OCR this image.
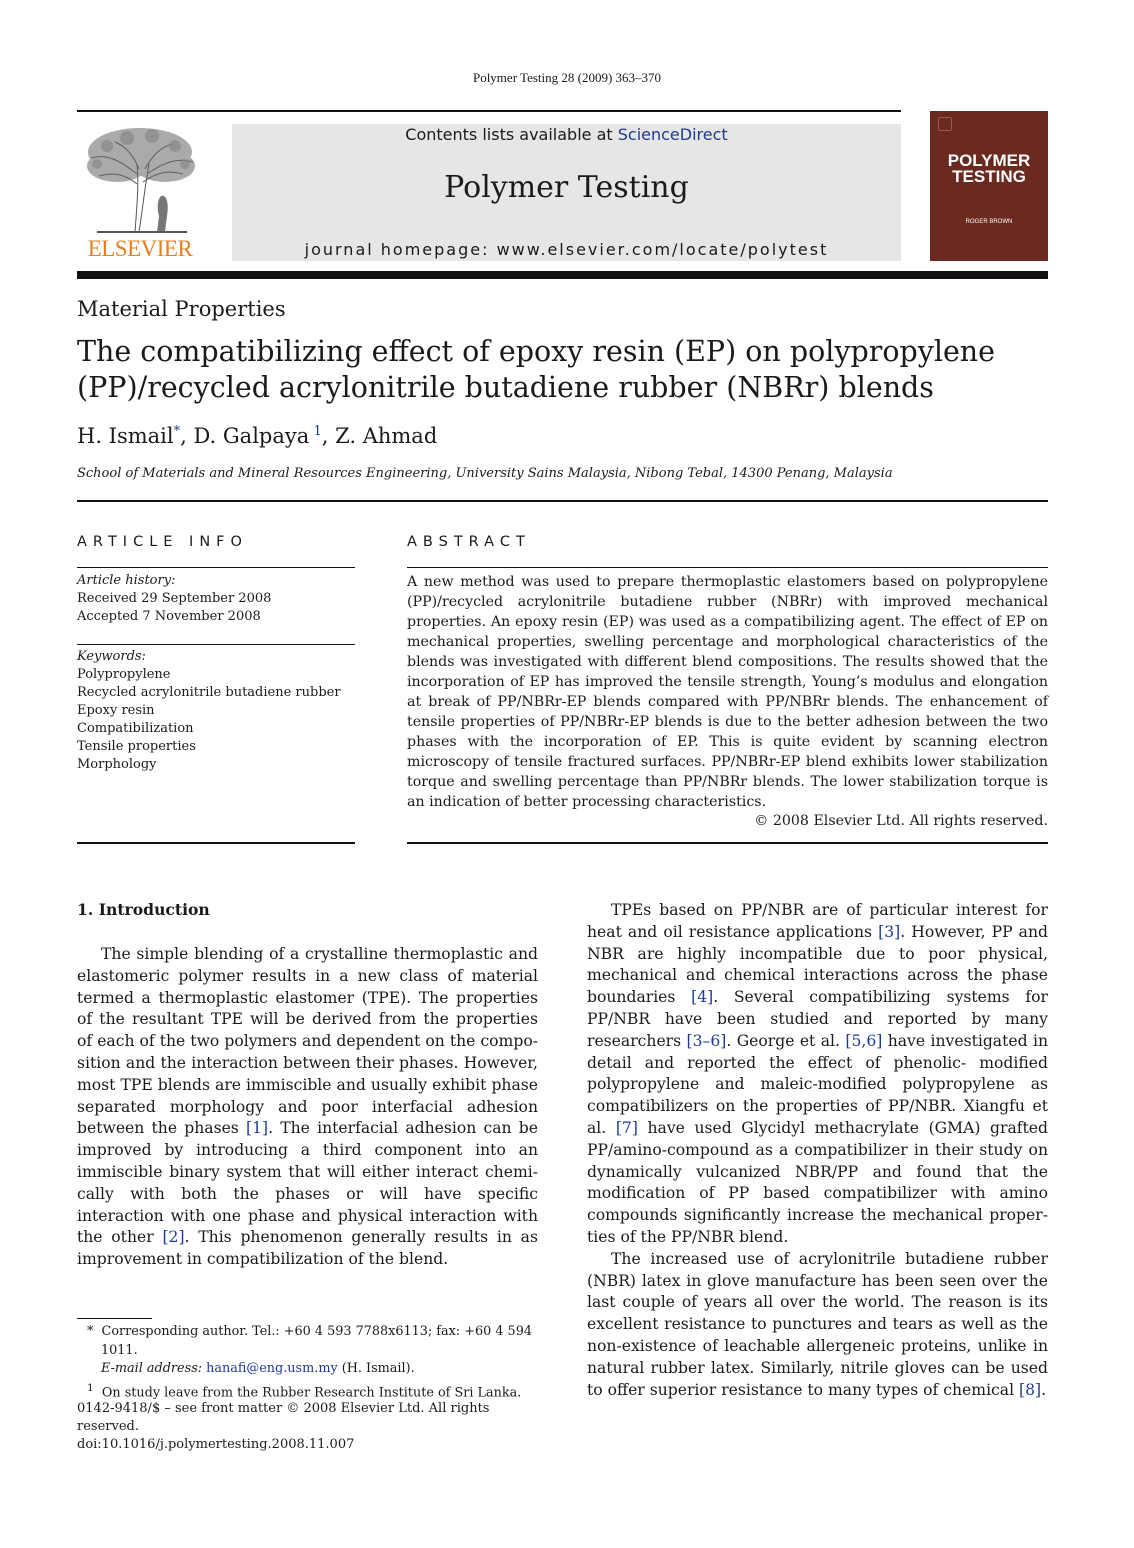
Polymer Testing 28 (2009) 363–370
ELSEVIER
Contents lists available at ScienceDirect
Polymer Testing
journal homepage: www.elsevier.com/locate/polytest
POLYMER TESTING
ROGER BROWN
Material Properties
The compatibilizing effect of epoxy resin (EP) on polypropylene (PP)/recycled acrylonitrile butadiene rubber (NBRr) blends
H. Ismail*, D. Galpaya  $^1$, Z. Ahmad
School of Materials and Mineral Resources Engineering, University Sains Malaysia, Nibong Tebal, 14300 Penang, Malaysia
ARTICLE INFO	ABSTRACT
Article history:
Received 29 September 2008
Accepted 7 November 2008
Keywords:
Polypropylene
Recycled acrylonitrile butadiene rubber
Epoxy resin
Compatibilization
Tensile properties
Morphology
A new method was used to prepare thermoplastic elastomers based on polypropylene (PP)/recycled acrylonitrile butadiene rubber (NBRr) with improved mechanical properties. An epoxy resin (EP) was used as a compatibilizing agent. The effect of EP on mechanical properties, swelling percentage and morphological characteristics of the blends was investigated with different blend compositions. The results showed that the incorporation of EP has improved the tensile strength, Young’s modulus and elongation at break of PP/NBRr-EP blends compared with PP/NBRr blends. The enhancement of tensile properties of PP/NBRr-EP blends is due to the better adhesion between the two phases with the incorporation of EP. This is quite evident by scanning electron microscopy of tensile fractured surfaces. PP/NBRr-EP blend exhibits lower stabilization torque and swelling percentage than PP/NBRr blends. The lower stabilization torque is an indication of better processing characteristics.
© 2008 Elsevier Ltd. All rights reserved.
1. Introduction

The simple blending of a crystalline thermoplastic and elastomeric polymer results in a new class of material termed a thermoplastic elastomer (TPE). The properties of the resultant TPE will be derived from the properties of each of the two polymers and dependent on the compo-sition and the interaction between their phases. However, most TPE blends are immiscible and usually exhibit phase separated morphology and poor interfacial adhesion between the phases [1]. The interfacial adhesion can be improved by introducing a third component into an immiscible binary system that will either interact chemi-cally with both the phases or will have specific interaction with one phase and physical interaction with the other [2]. This phenomenon generally results in as improvement in compatibilization of the blend.

TPEs based on PP/NBR are of particular interest for heat and oil resistance applications [3]. However, PP and NBR are highly incompatible due to poor physical, mechanical and chemical interactions across the phase boundaries [4]. Several compatibilizing systems for PP/NBR have been studied and reported by many researchers [3–6]. George et al. [5,6] have investigated in detail and reported the effect of phenolic- modified polypropylene and maleic-modified polypropylene as compatibilizers on the properties of PP/NBR. Xiangfu et al. [7] have used Glycidyl methacrylate (GMA) grafted PP/amino-compound as a compatibilizer in their study on dynamically vulcanized NBR/PP and found that the modification of PP based compatibilizer with amino compounds significantly increase the mechanical proper-ties of the PP/NBR blend.

The increased use of acrylonitrile butadiene rubber (NBR) latex in glove manufacture has been seen over the last couple of years all over the world. The reason is its excellent resistance to punctures and tears as well as the non-existence of leachable allergeneic proteins, unlike in natural rubber latex. Similarly, nitrile gloves can be used to offer superior resistance to many types of chemical [8].

* Corresponding author. Tel.: +60 4 593 7788x6113; fax: +60 4 594 1011.
E-mail address: hanafi@eng.usm.my (H. Ismail).
$^1$ On study leave from the Rubber Research Institute of Sri Lanka.
0142-9418/$ – see front matter © 2008 Elsevier Ltd. All rights reserved.
doi:10.1016/j.polymertesting.2008.11.007
